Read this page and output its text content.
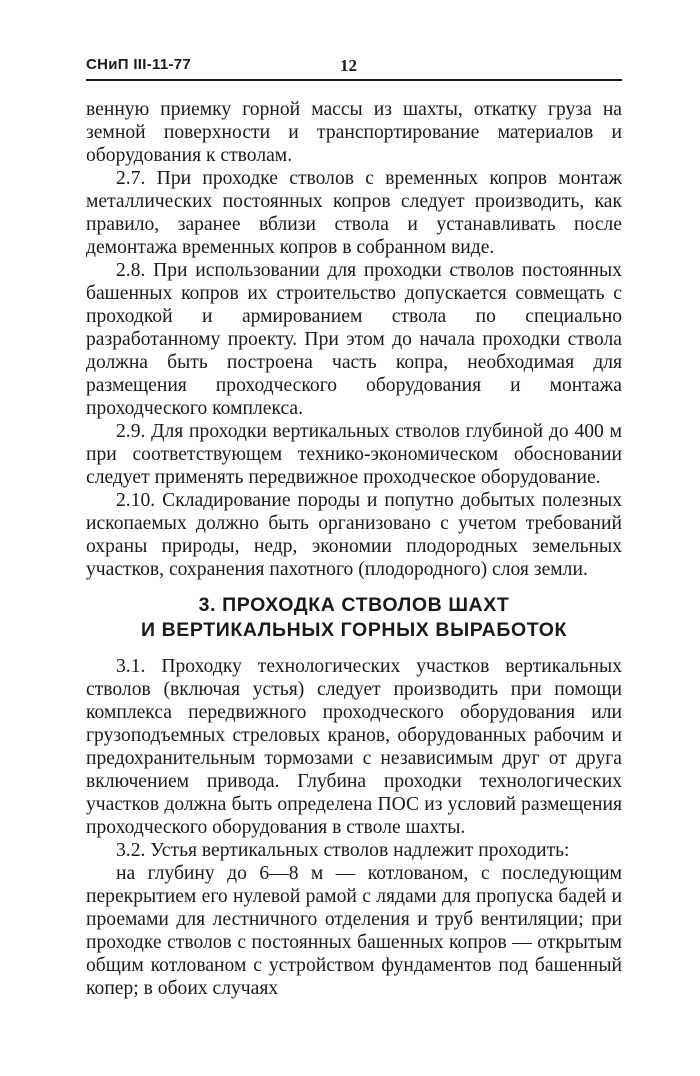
СНиП III-11-77	12

венную приемку горной массы из шахты, откатку груза на земной поверхности и транспортирование материалов и оборудования к стволам.

2.7. При проходке стволов с временных копров монтаж металлических постоянных копров следует производить, как правило, заранее вблизи ствола и устанавливать после демонтажа временных копров в собранном виде.

2.8. При использовании для проходки стволов постоянных башенных копров их строительство допускается совмещать с проходкой и армированием ствола по специально разработанному проекту. При этом до начала проходки ствола должна быть построена часть копра, необходимая для размещения проходческого оборудования и монтажа проходческого комплекса.

2.9. Для проходки вертикальных стволов глубиной до 400 м при соответствующем технико-экономическом обосновании следует применять передвижное проходческое оборудование.

2.10. Складирование породы и попутно добытых полезных ископаемых должно быть организовано с учетом требований охраны природы, недр, экономии плодородных земельных участков, сохранения пахотного (плодородного) слоя земли.

3. ПРОХОДКА СТВОЛОВ ШАХТ
И ВЕРТИКАЛЬНЫХ ГОРНЫХ ВЫРАБОТОК

3.1. Проходку технологических участков вертикальных стволов (включая устья) следует производить при помощи комплекса передвижного проходческого оборудования или грузоподъемных стреловых кранов, оборудованных рабочим и предохранительным тормозами с независимым друг от друга включением привода. Глубина проходки технологических участков должна быть определена ПОС из условий размещения проходческого оборудования в стволе шахты.

3.2. Устья вертикальных стволов надлежит проходить:

на глубину до 6—8 м — котлованом, с последующим перекрытием его нулевой рамой с лядами для пропуска бадей и проемами для лестничного отделения и труб вентиляции; при проходке стволов с постоянных башенных копров — открытым общим котлованом с устройством фундаментов под башенный копер; в обоих случаях
